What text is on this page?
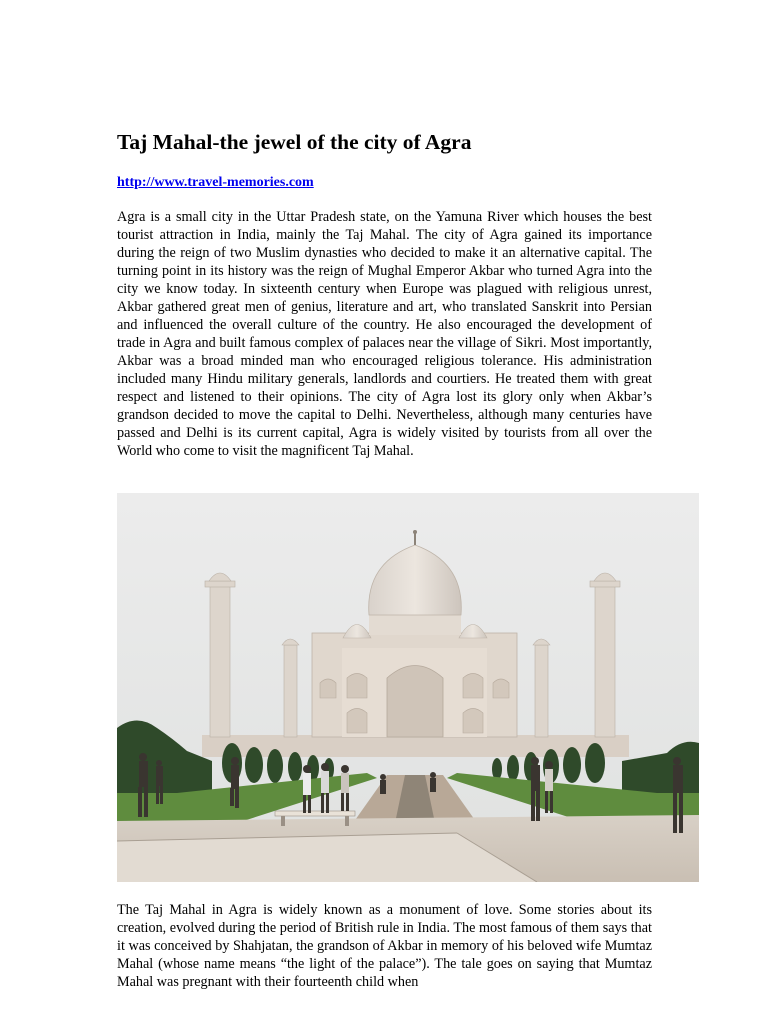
Taj Mahal-the jewel of the city of Agra
http://www.travel-memories.com

Agra is a small city in the Uttar Pradesh state, on the Yamuna River which houses the best tourist attraction in India, mainly the Taj Mahal. The city of Agra gained its importance during the reign of two Muslim dynasties who decided to make it an alternative capital. The turning point in its history was the reign of Mughal Emperor Akbar who turned Agra into the city we know today. In sixteenth century when Europe was plagued with religious unrest, Akbar gathered great men of genius, literature and art, who translated Sanskrit into Persian and influenced the overall culture of the country. He also encouraged the development of trade in Agra and built famous complex of palaces near the village of Sikri. Most importantly, Akbar was a broad minded man who encouraged religious tolerance. His administration included many Hindu military generals, landlords and courtiers. He treated them with great respect and listened to their opinions. The city of Agra lost its glory only when Akbar’s grandson decided to move the capital to Delhi. Nevertheless, although many centuries have passed and Delhi is its current capital, Agra is widely visited by tourists from all over the World who come to visit the magnificent Taj Mahal.

The Taj Mahal in Agra is widely known as a monument of love. Some stories about its creation, evolved during the period of British rule in India. The most famous of them says that it was conceived by Shahjatan, the grandson of Akbar in memory of his beloved wife Mumtaz Mahal (whose name means “the light of the palace”). The tale goes on saying that Mumtaz Mahal was pregnant with their fourteenth child when
